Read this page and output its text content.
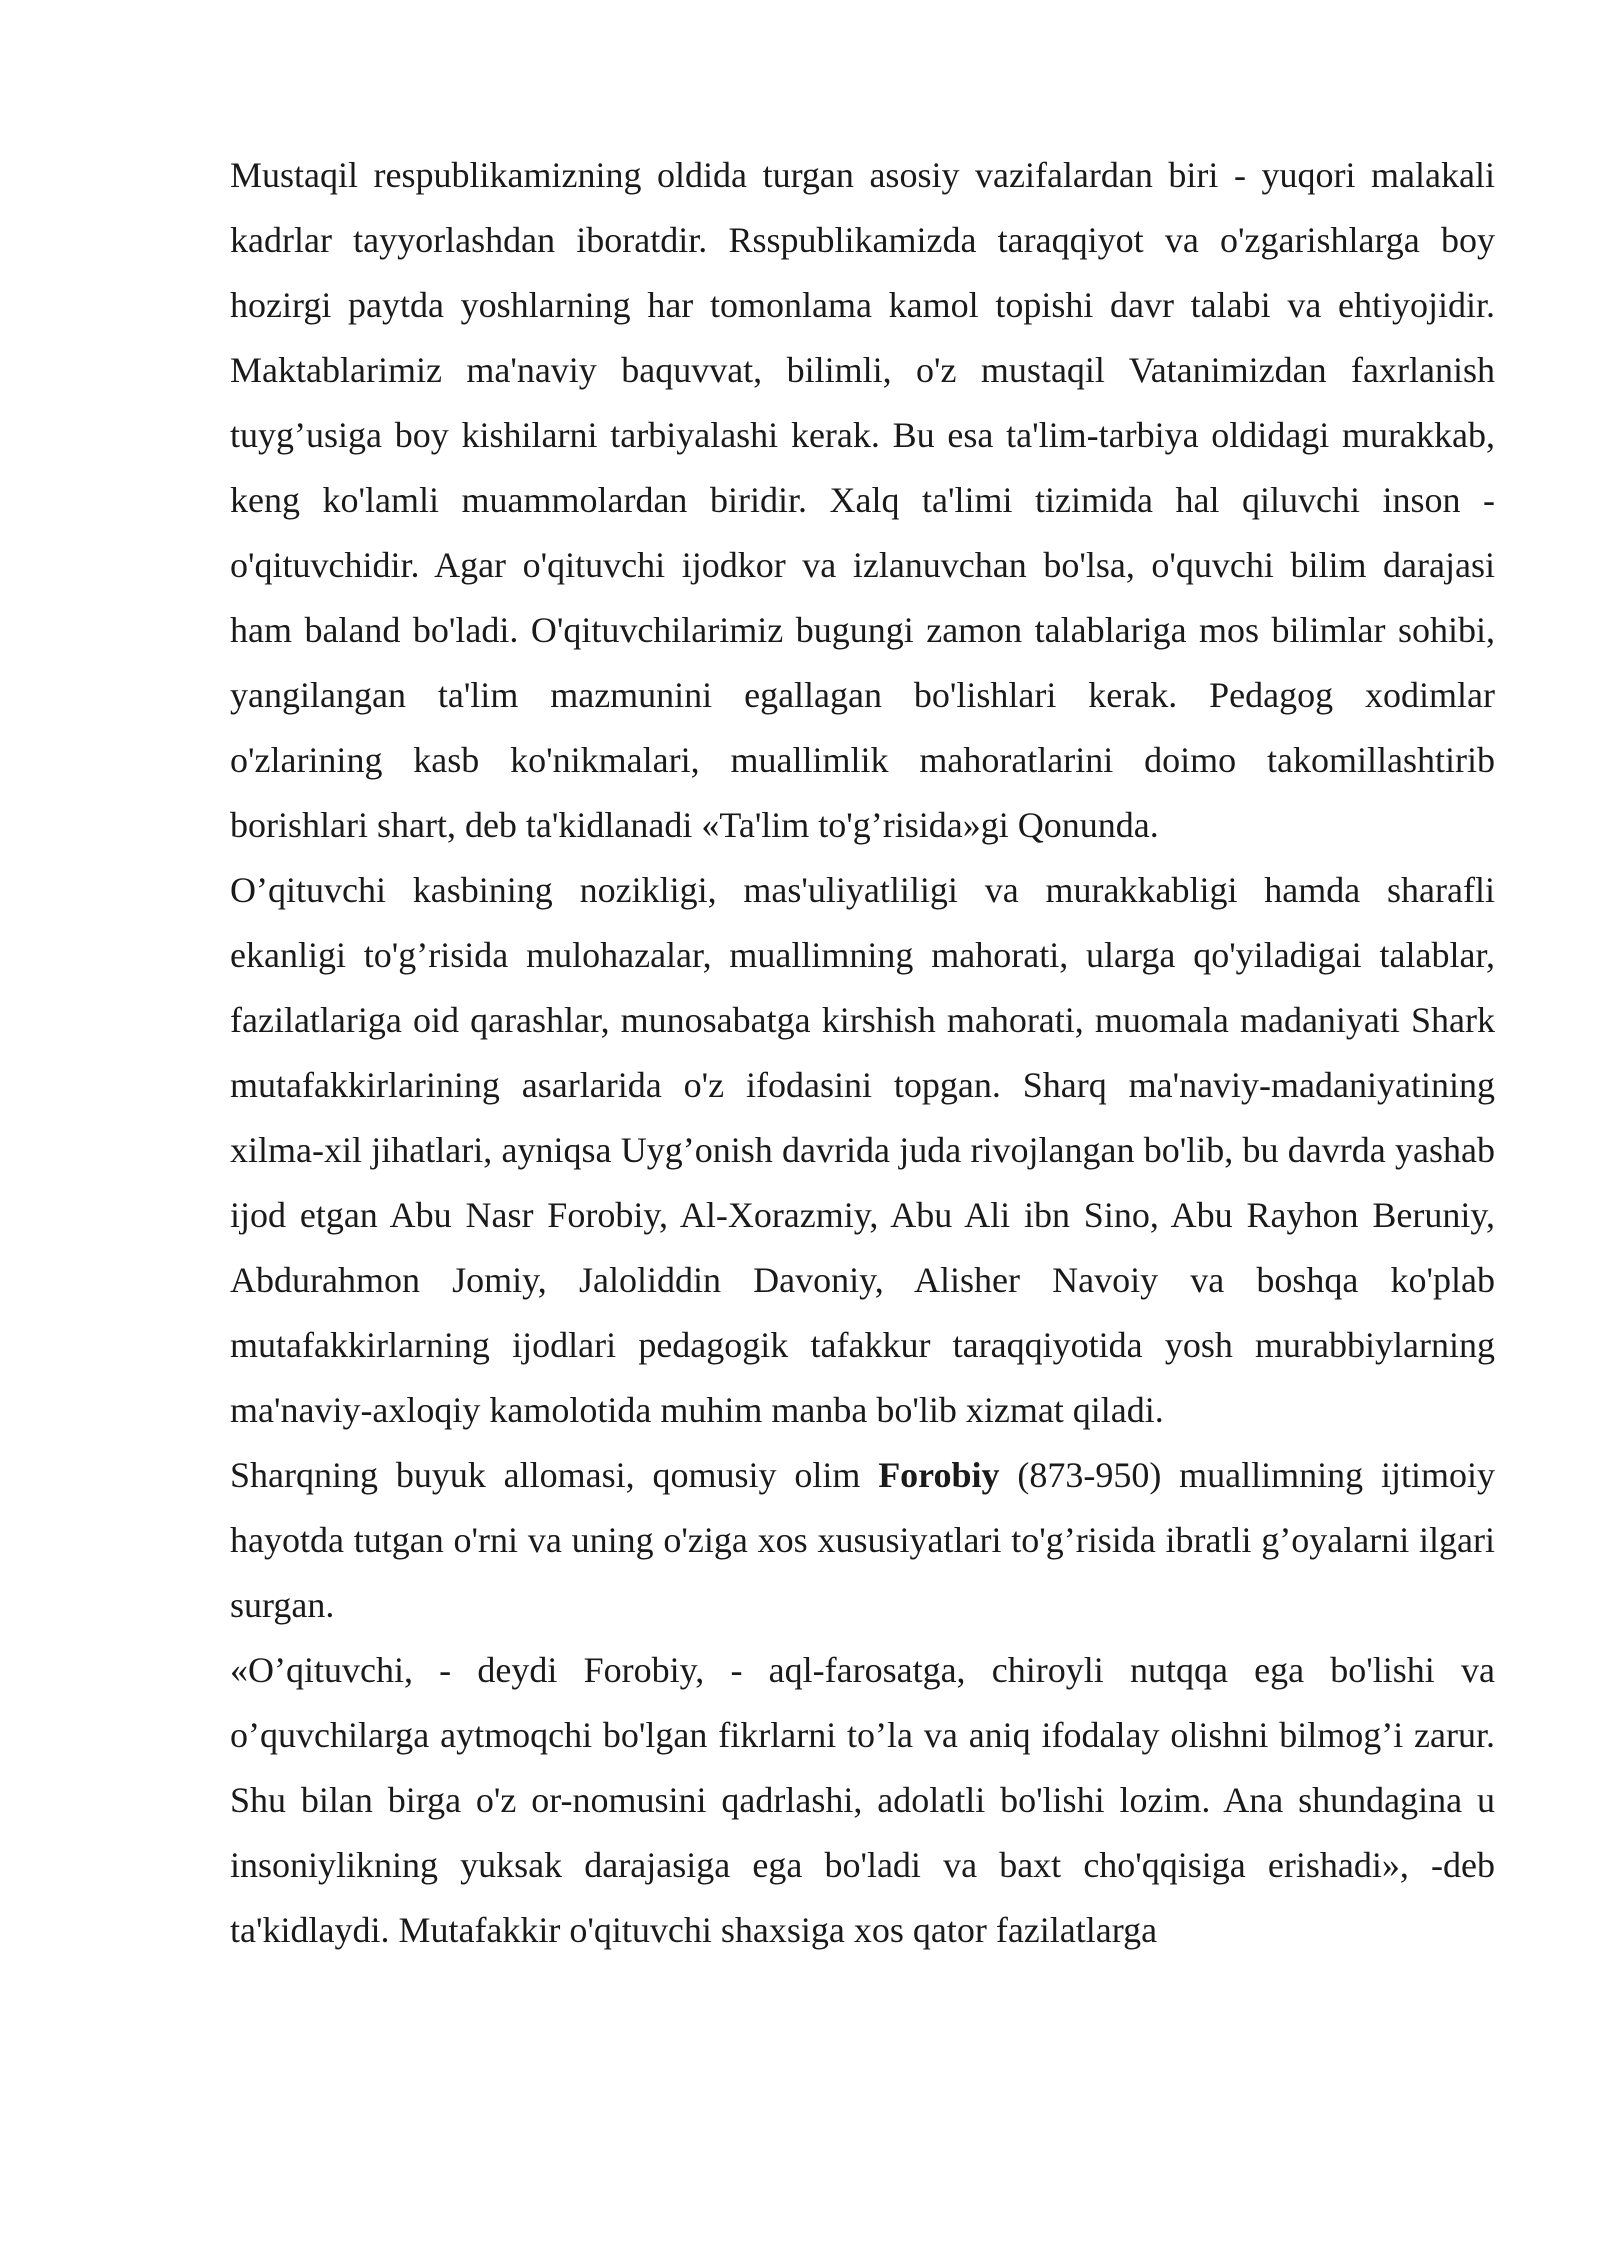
Mustaqil respublikamizning oldida turgan asosiy vazifalardan biri - yuqori malakali kadrlar tayyorlashdan iboratdir. Rsspublikamizda taraqqiyot va o'zgarishlarga boy hozirgi paytda yoshlarning har tomonlama kamol topishi davr talabi va ehtiyojidir. Maktablarimiz ma'naviy baquvvat, bilimli, o'z mustaqil Vatanimizdan faxrlanish tuyg’usiga boy kishilarni tarbiyalashi kerak. Bu esa ta'lim-tarbiya oldidagi murakkab, keng ko'lamli muammolardan biridir. Xalq ta'limi tizimida hal qiluvchi inson - o'qituvchidir. Agar o'qituvchi ijodkor va izlanuvchan bo'lsa, o'quvchi bilim darajasi ham baland bo'ladi. O'qituvchilarimiz bugungi zamon talablariga mos bilimlar sohibi, yangilangan ta'lim mazmunini egallagan bo'lishlari kerak. Pedagog xodimlar o'zlarining kasb ko'nikmalari, muallimlik mahoratlarini doimo takomillashtirib borishlari shart, deb ta'kidlanadi «Ta'lim to'g’risida»gi Qonunda.

O’qituvchi kasbining nozikligi, mas'uliyatliligi va murakkabligi hamda sharafli ekanligi to'g’risida mulohazalar, muallimning mahorati, ularga qo'yiladigai talablar, fazilatlariga oid qarashlar, munosabatga kirshish mahorati, muomala madaniyati Shark mutafakkirlarining asarlarida o'z ifodasini topgan. Sharq ma'naviy-madaniyatining xilma-xil jihatlari, ayniqsa Uyg’onish davrida juda rivojlangan bo'lib, bu davrda yashab ijod etgan Abu Nasr Forobiy, Al-Xorazmiy, Abu Ali ibn Sino, Abu Rayhon Beruniy, Abdurahmon Jomiy, Jaloliddin Davoniy, Alisher Navoiy va boshqa ko'plab mutafakkirlarning ijodlari pedagogik tafakkur taraqqiyotida yosh murabbiylarning ma'naviy-axloqiy kamolotida muhim manba bo'lib xizmat qiladi.

Sharqning buyuk allomasi, qomusiy olim Forobiy (873-950) muallimning ijtimoiy hayotda tutgan o'rni va uning o'ziga xos xususiyatlari to'g’risida ibratli g’oyalarni ilgari surgan.

«O’qituvchi, - deydi Forobiy, - aql-farosatga, chiroyli nutqqa ega bo'lishi va o’quvchilarga aytmoqchi bo'lgan fikrlarni to’la va aniq ifodalay olishni bilmog’i zarur. Shu bilan birga o'z or-nomusini qadrlashi, adolatli bo'lishi lozim. Ana shundagina u insoniylikning yuksak darajasiga ega bo'ladi va baxt cho'qqisiga erishadi», -deb ta'kidlaydi. Mutafakkir o'qituvchi shaxsiga xos qator fazilatlarga
